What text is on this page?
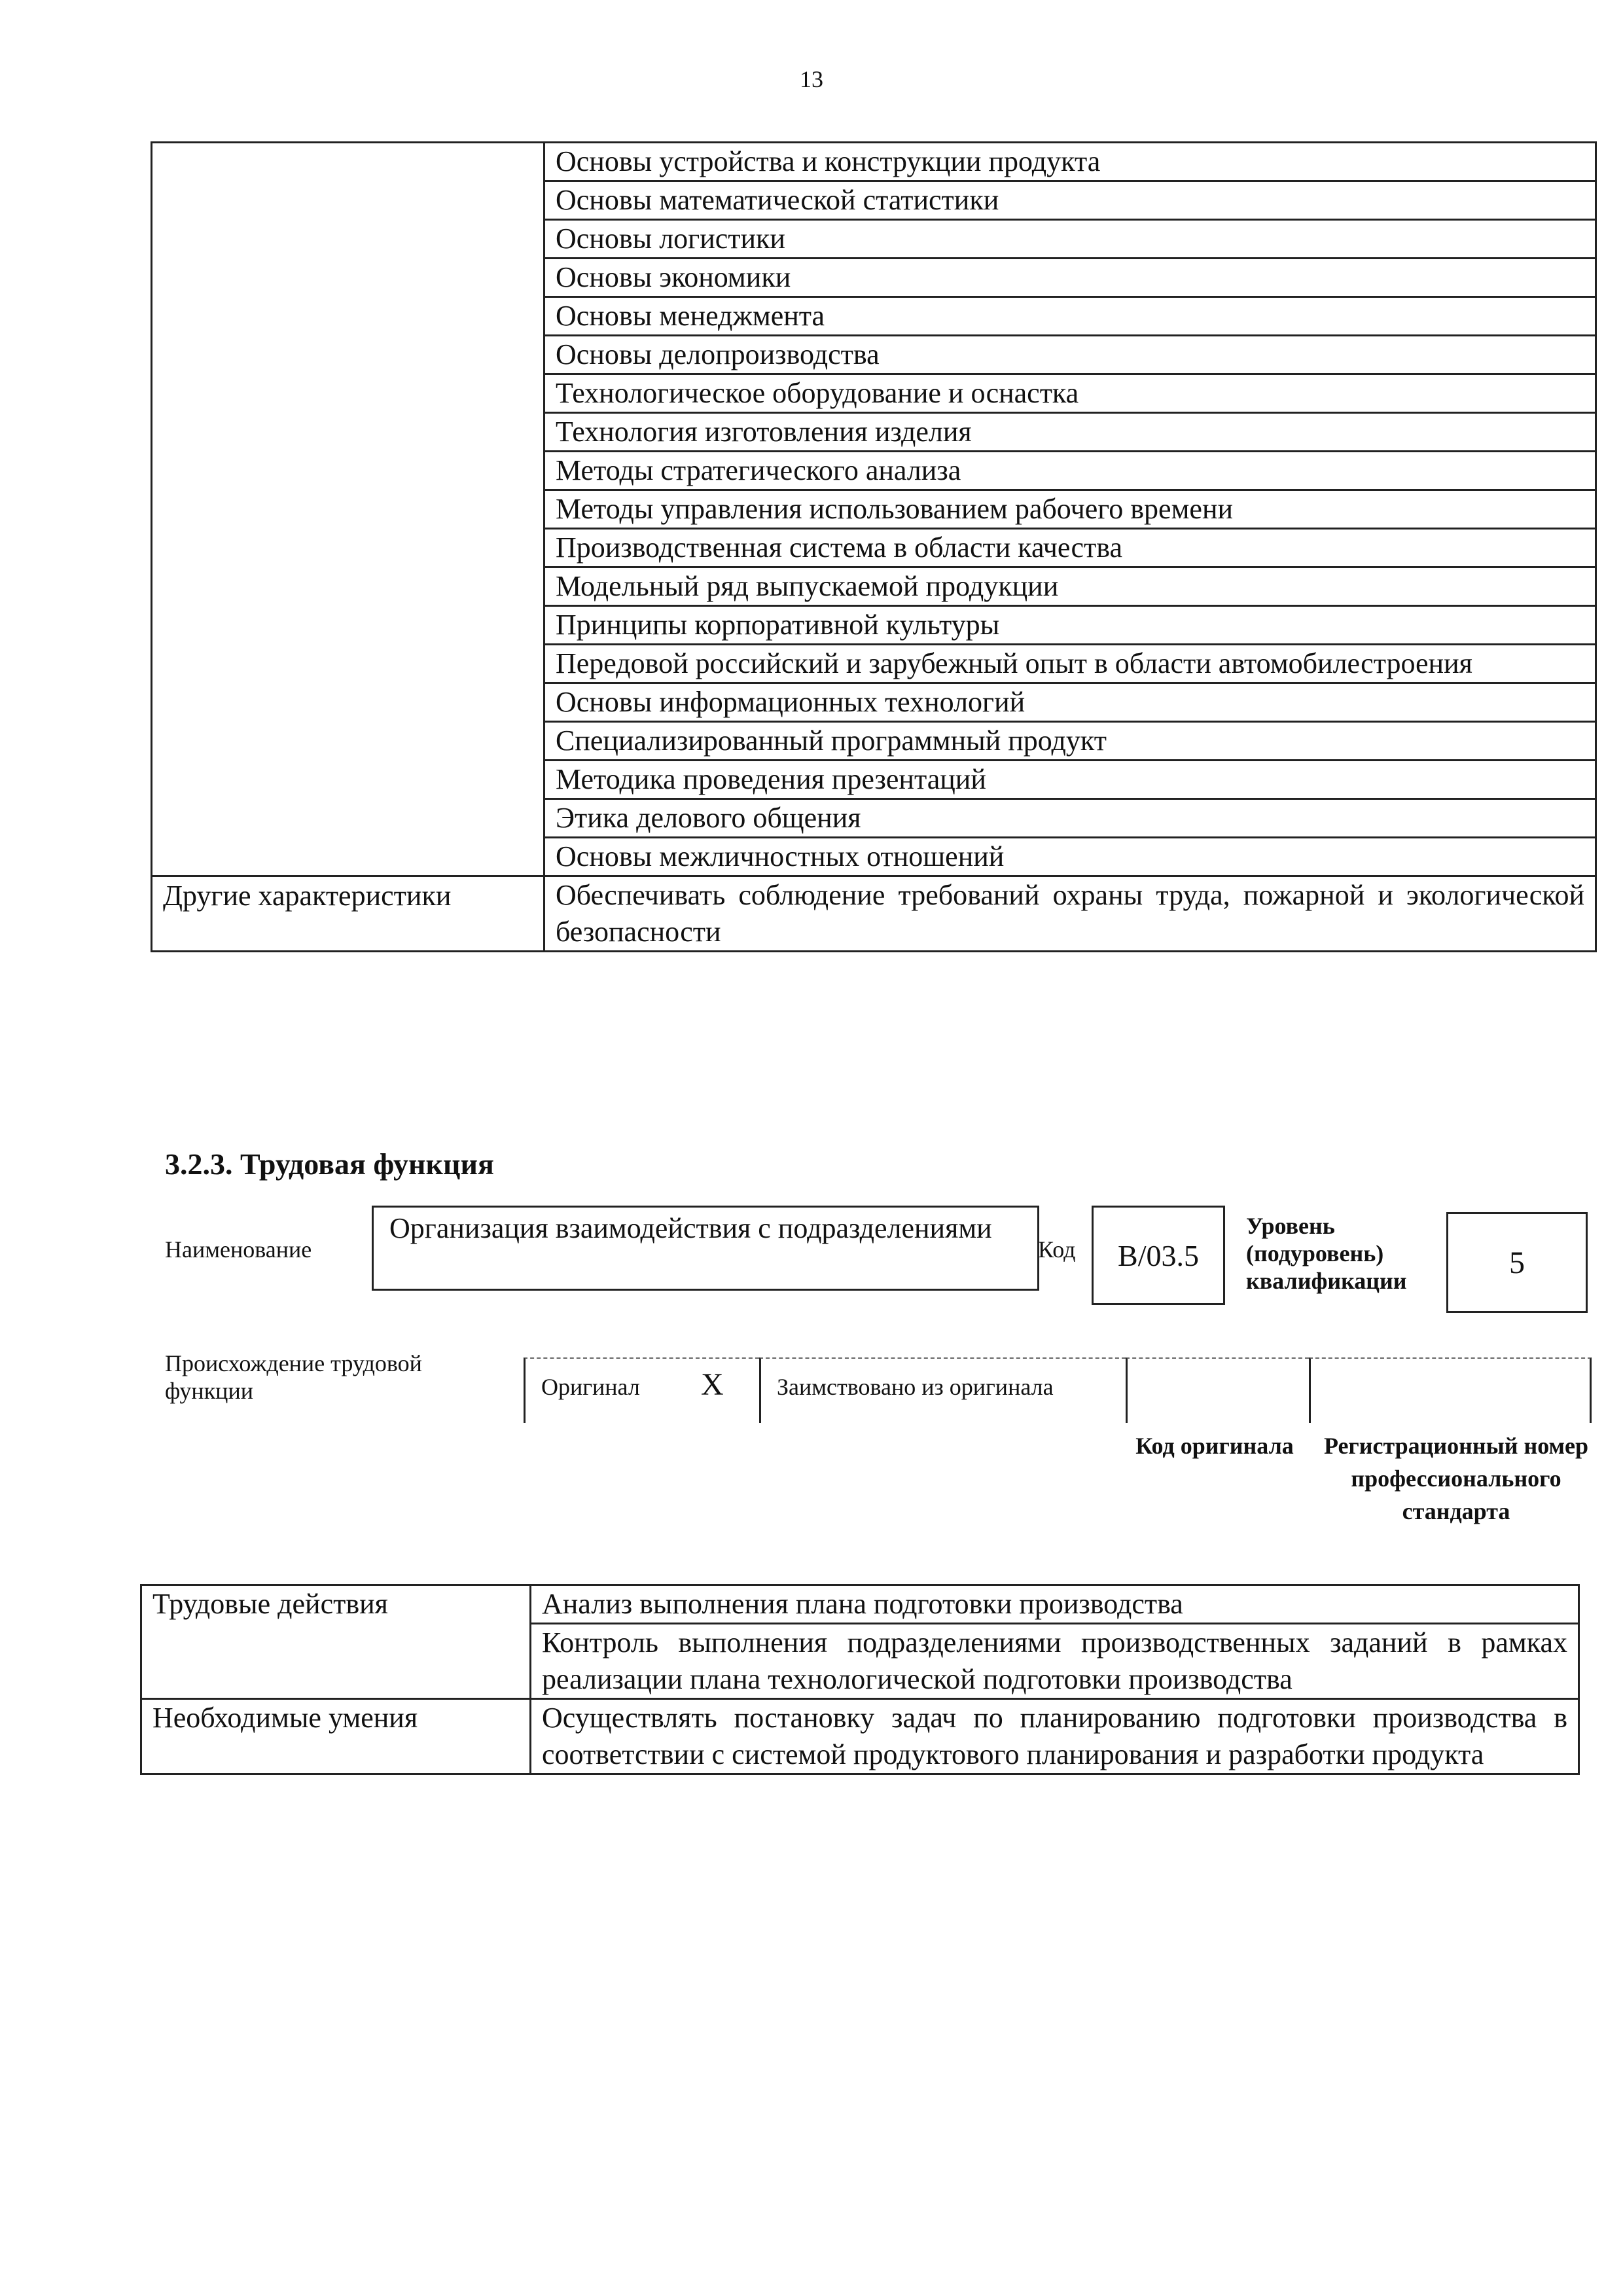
13
	Основы устройства и конструкции продукта
	Основы математической статистики
	Основы логистики
	Основы экономики
	Основы менеджмента
	Основы делопроизводства
	Технологическое оборудование и оснастка
	Технология изготовления изделия
	Методы стратегического анализа
	Методы управления использованием рабочего времени
	Производственная система в области качества
	Модельный ряд выпускаемой продукции
	Принципы корпоративной культуры
	Передовой российский и зарубежный опыт в области автомобилестроения
	Основы информационных технологий
	Специализированный программный продукт
	Методика проведения презентаций
	Этика делового общения
	Основы межличностных отношений
Другие характеристики	Обеспечивать соблюдение требований охраны труда, пожарной и экологической безопасности
3.2.3. Трудовая функция
Наименование
Организация взаимодействия с подразделениями
Код	В/03.5
Уровень (подуровень) квалификации
5
Происхождение трудовой функции	Оригинал X Заимствовано из оригинала
Код оригинала	Регистрационный номер профессионального стандарта
Трудовые действия	Анализ выполнения плана подготовки производства
	Контроль выполнения подразделениями производственных заданий в рамках реализации плана технологической подготовки производства
Необходимые умения	Осуществлять постановку задач по планированию подготовки производства в соответствии с системой продуктового планирования и разработки продукта
